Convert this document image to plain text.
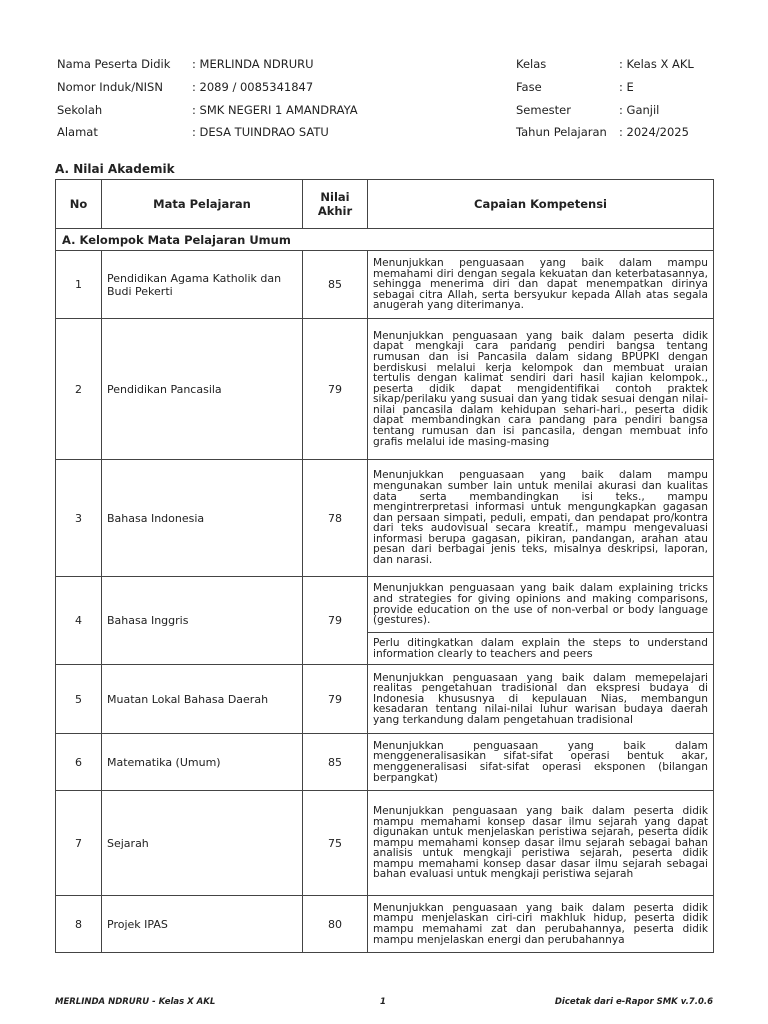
Nama Peserta Didik : MERLINDA NDRURU
Nomor Induk/NISN	: 2089 / 0085341847
Sekolah	: SMK NEGERI 1 AMANDRAYA
Alamat	: DESA TUINDRAO SATU
Kelas	: Kelas X AKL
Fase	: E
Semester	: Ganjil
Tahun Pelajaran : 2024/2025
A. Nilai Akademik
No	Mata Pelajaran	Nilai Akhir	Capaian Kompetensi
A. Kelompok Mata Pelajaran Umum			
1	Pendidikan Agama Katholik dan Budi Pekerti	85	Menunjukkan penguasaan yang baik dalam mampu memahami diri dengan segala kekuatan dan keterbatasannya, sehingga menerima diri dan dapat menempatkan dirinya sebagai citra Allah, serta bersyukur kepada Allah atas segala anugerah yang diterimanya.
2	Pendidikan Pancasila	79	Menunjukkan penguasaan yang baik dalam peserta didik dapat mengkaji cara pandang pendiri bangsa tentang rumusan dan isi Pancasila dalam sidang BPUPKI dengan berdiskusi melalui kerja kelompok dan membuat uraian tertulis dengan kalimat sendiri dari hasil kajian kelompok., peserta didik dapat mengidentifikai contoh praktek sikap/perilaku yang susuai dan yang tidak sesuai dengan nilai-nilai pancasila dalam kehidupan sehari-hari., peserta didik dapat membandingkan cara pandang para pendiri bangsa tentang rumusan dan isi pancasila, dengan membuat info grafis melalui ide masing-masing
3	Bahasa Indonesia	78	Menunjukkan penguasaan yang baik dalam mampu mengunakan sumber lain untuk menilai akurasi dan kualitas data serta membandingkan isi teks., mampu mengintrerpretasi informasi untuk mengungkapkan gagasan dan persaan simpati, peduli, empati, dan pendapat pro/kontra dari teks audovisual secara kreatif., mampu mengevaluasi informasi berupa gagasan, pikiran, pandangan, arahan atau pesan dari berbagai jenis teks, misalnya deskripsi, laporan, dan narasi.
4	Bahasa Inggris	79	Menunjukkan penguasaan yang baik dalam explaining tricks and strategies for giving opinions and making comparisons, provide education on the use of non-verbal or body language (gestures).
			Perlu ditingkatkan dalam explain the steps to understand information clearly to teachers and peers
5	Muatan Lokal Bahasa Daerah	79	Menunjukkan penguasaan yang baik dalam memepelajari realitas pengetahuan tradisional dan ekspresi budaya di Indonesia khususnya di kepulauan Nias, membangun kesadaran tentang nilai-nilai luhur warisan budaya daerah yang terkandung dalam pengetahuan tradisional
6	Matematika (Umum)	85	Menunjukkan penguasaan yang baik dalam menggeneralisasikan sifat-sifat operasi bentuk akar, menggeneralisasi sifat-sifat operasi eksponen (bilangan berpangkat)
7	Sejarah	75	Menunjukkan penguasaan yang baik dalam peserta didik mampu memahami konsep dasar ilmu sejarah yang dapat digunakan untuk menjelaskan peristiwa sejarah, peserta didik mampu memahami konsep dasar ilmu sejarah sebagai bahan analisis untuk mengkaji peristiwa sejarah, peserta didik mampu memahami konsep dasar dasar ilmu sejarah sebagai bahan evaluasi untuk mengkaji peristiwa sejarah
8	Projek IPAS	80	Menunjukkan penguasaan yang baik dalam peserta didik mampu menjelaskan ciri-ciri makhluk hidup, peserta didik mampu memahami zat dan perubahannya, peserta didik mampu menjelaskan energi dan perubahannya
MERLINDA NDRURU - Kelas X AKL	1	Dicetak dari e-Rapor SMK v.7.0.6
